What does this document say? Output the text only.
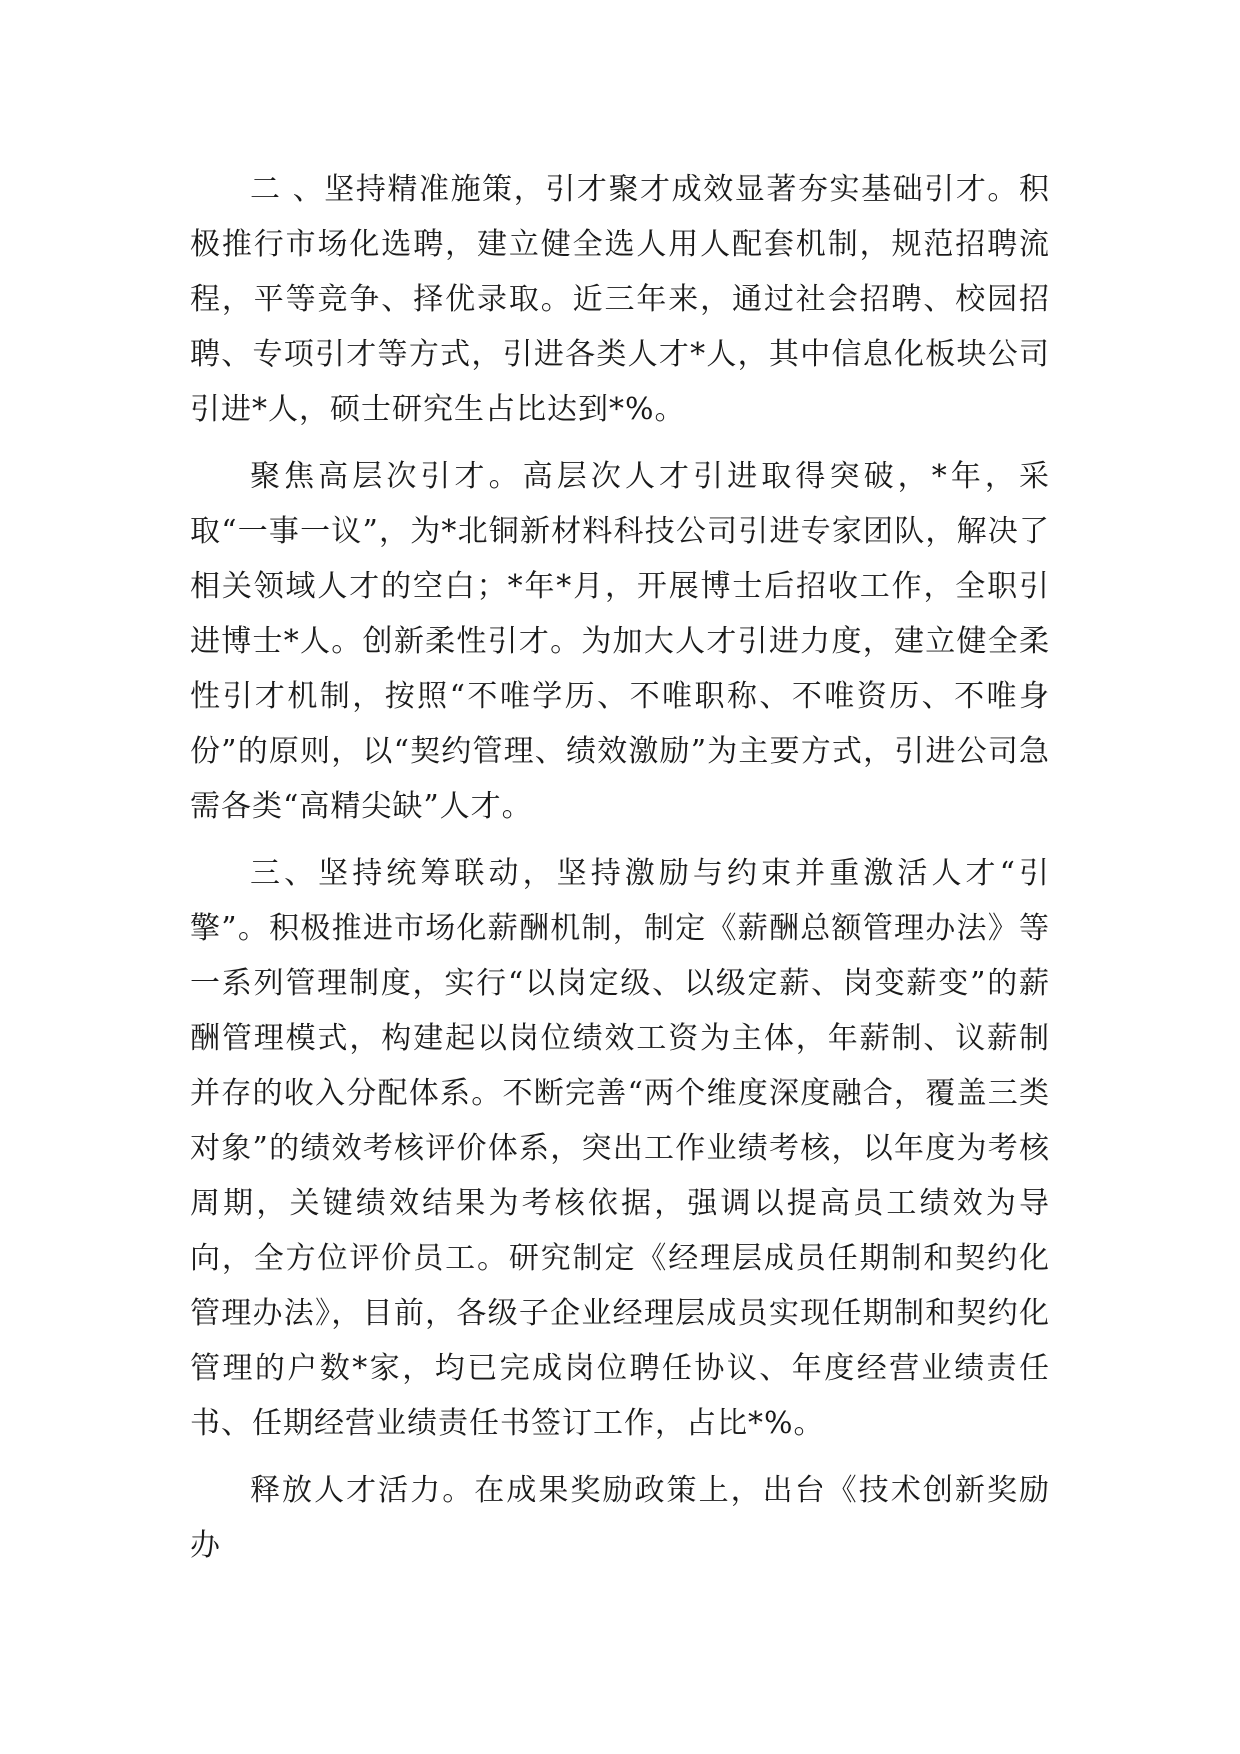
二 、坚持精准施策，引才聚才成效显著夯实基础引才。积极推行市场化选聘，建立健全选人用人配套机制，规范招聘流程，平等竞争、择优录取。近三年来，通过社会招聘、校园招聘、专项引才等方式，引进各类人才*人，其中信息化板块公司引进*人，硕士研究生占比达到*%。

聚焦高层次引才。高层次人才引进取得突破，*年，采取“一事一议”，为*北铜新材料科技公司引进专家团队，解决了相关领域人才的空白；*年*月，开展博士后招收工作，全职引进博士*人。创新柔性引才。为加大人才引进力度，建立健全柔性引才机制，按照“不唯学历、不唯职称、不唯资历、不唯身份”的原则，以“契约管理、绩效激励”为主要方式，引进公司急需各类“高精尖缺”人才。

三、坚持统筹联动，坚持激励与约束并重激活人才“引擎”。积极推进市场化薪酬机制，制定《薪酬总额管理办法》等一系列管理制度，实行“以岗定级、以级定薪、岗变薪变”的薪酬管理模式，构建起以岗位绩效工资为主体，年薪制、议薪制并存的收入分配体系。不断完善“两个维度深度融合，覆盖三类对象”的绩效考核评价体系，突出工作业绩考核，以年度为考核周期，关键绩效结果为考核依据，强调以提高员工绩效为导向，全方位评价员工。研究制定《经理层成员任期制和契约化管理办法》，目前，各级子企业经理层成员实现任期制和契约化管理的户数*家，均已完成岗位聘任协议、年度经营业绩责任书、任期经营业绩责任书签订工作，占比*%。

释放人才活力。在成果奖励政策上，出台《技术创新奖励办
